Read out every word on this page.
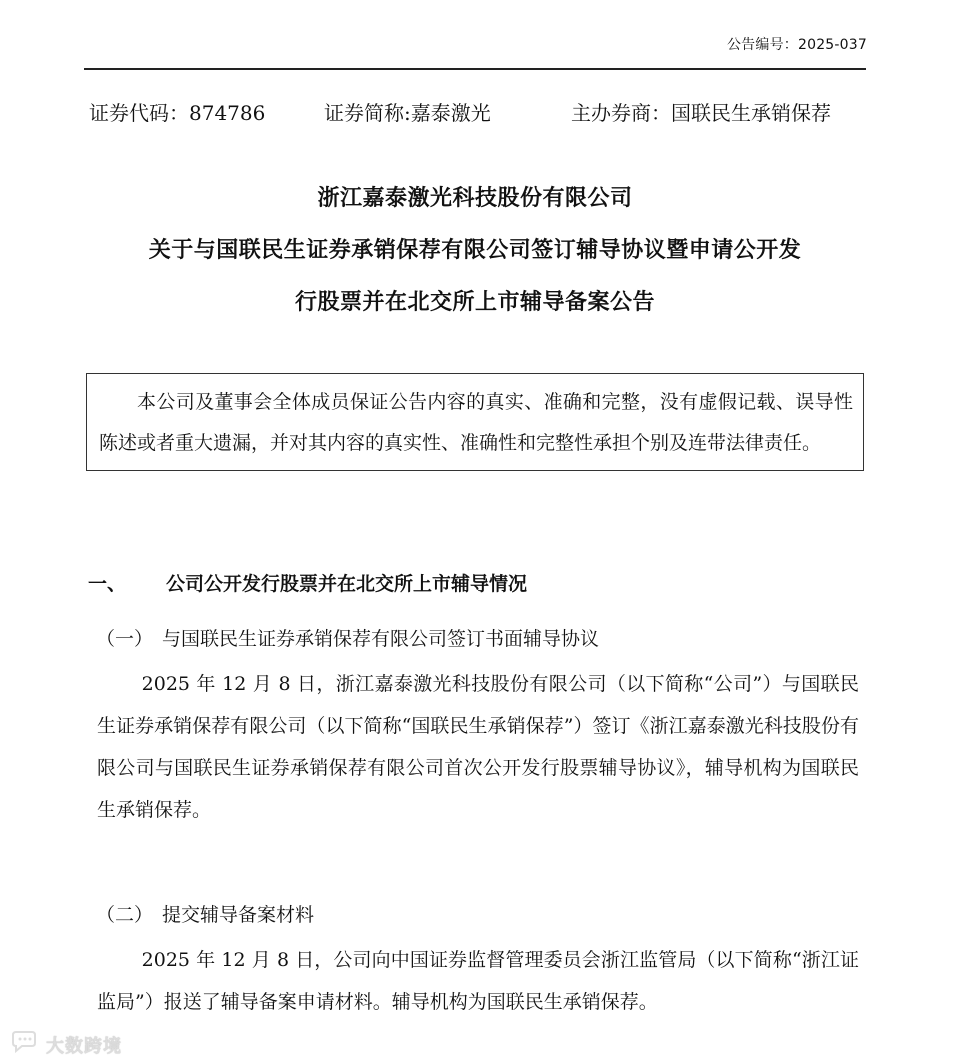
公告编号：2025-037
证券代码：874786	证券简称:嘉泰激光	主办券商：国联民生承销保荐
浙江嘉泰激光科技股份有限公司
关于与国联民生证券承销保荐有限公司签订辅导协议暨申请公开发
行股票并在北交所上市辅导备案公告

本公司及董事会全体成员保证公告内容的真实、准确和完整，没有虚假记载、误导性陈述或者重大遗漏，并对其内容的真实性、准确性和完整性承担个别及连带法律责任。

一、 公司公开发行股票并在北交所上市辅导情况
（一） 与国联民生证券承销保荐有限公司签订书面辅导协议

2025 年 12 月 8 日，浙江嘉泰激光科技股份有限公司（以下简称“公司”）与国联民生证券承销保荐有限公司（以下简称“国联民生承销保荐”）签订《浙江嘉泰激光科技股份有限公司与国联民生证券承销保荐有限公司首次公开发行股票辅导协议》，辅导机构为国联民生承销保荐。

（二） 提交辅导备案材料

2025 年 12 月 8 日，公司向中国证券监督管理委员会浙江监管局（以下简称“浙江证监局”）报送了辅导备案申请材料。辅导机构为国联民生承销保荐。

大数跨境
